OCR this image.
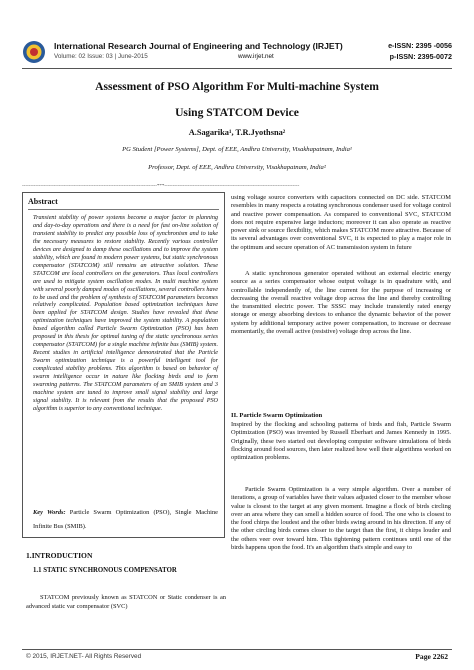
International Research Journal of Engineering and Technology (IRJET)
Volume: 02 Issue: 03 | June-2015	www.irjet.net
e-ISSN: 2395 -0056
p-ISSN: 2395-0072
Assessment of PSO Algorithm For Multi-machine System
Using STATCOM Device
A.Sagarika¹, T.R.Jyothsna²
PG Student [Power Systems], Dept. of EEE, Andhra University, Visakhapatnam, India¹
Professor, Dept. of EEE, Andhra University, Visakhapatnam, India²
---------------------------------------------------------------------------------***---------------------------------------------------------------------------------
Abstract
Transient stability of power systems become a major factor in planning and day-to-day operations and there is a need for fast on-line solution of transient stability to predict any possible loss of synchronism and to take the necessary measures to restore stability. Recently various controller devices are designed to damp these oscillations and to improve the system stability, which are found in modern power systems, but static synchronous compensator (STATCOM) still remains an attractive solution. These STATCOM are local controllers on the generators. Thus local controllers are used to mitigate system oscillation modes. In multi machine system with several poorly damped modes of oscillations, several controllers have to be used and the problem of synthesis of STATCOM parameters becomes relatively complicated. Population based optimization techniques have been applied for STATCOM design. Studies have revealed that these optimization techniques have improved the system stability. A population based algorithm called Particle Swarm Optimization (PSO) has been proposed in this thesis for optimal tuning of the static synchronous series compensator (STATCOM) for a single machine infinite bus (SMIB) system. Recent studies in artificial intelligence demonstrated that the Particle Swarm optimization technique is a powerful intelligent tool for complicated stability problems. This algorithm is based on behavior of swarm intelligence occur in nature like flocking birds and to form swarming patterns. The STATCOM parameters of an SMIB system and 3 machine system are tuned to improve small signal stability and large signal stability. It is relevant from the results that the proposed PSO algorithm is superior to any conventional technique.
Key Words: Particle Swarm Optimization (PSO), Single Machine Infinite Bus (SMIB).
1.INTRODUCTION
1.1 STATIC SYNCHRONOUS COMPENSATOR
STATCOM previously known as STATCON or Static condenser is an advanced static var compensator (SVC)
using voltage source converters with capacitors connected on DC side. STATCOM resembles in many respects a rotating synchronous condenser used for voltage control and reactive power compensation. As compared to conventional SVC, STATCOM does not require expensive large inductors; moreover it can also operate as reactive power sink or source flexibility, which makes STATCOM more attractive. Because of its several advantages over conventional SVC, it is expected to play a major role in the optimum and secure operation of AC transmission system in future
A static synchronous generator operated without an external electric energy source as a series compensator whose output voltage is in quadrature with, and controllable independently of, the line current for the purpose of increasing or decreasing the overall reactive voltage drop across the line and thereby controlling the transmitted electric power. The SSSC may include transiently rated energy storage or energy absorbing devices to enhance the dynamic behavior of the power system by additional temporary active power compensation, to increase or decrease momentarily, the overall active (resistive) voltage drop across the line.
II. Particle Swarm Optimization
Inspired by the flocking and schooling patterns of birds and fish, Particle Swarm Optimization (PSO) was invented by Russell Eberhart and James Kennedy in 1995. Originally, these two started out developing computer software simulations of birds flocking around food sources, then later realized how well their algorithms worked on optimization problems.
Particle Swarm Optimization is a very simple algorithm. Over a number of iterations, a group of variables have their values adjusted closer to the member whose value is closest to the target at any given moment. Imagine a flock of birds circling over an area where they can smell a hidden source of food. The one who is closest to the food chirps the loudest and the other birds swing around in his direction. If any of the other circling birds comes closer to the target than the first, it chirps louder and the others veer over toward him. This tightening pattern continues until one of the birds happens upon the food. It's an algorithm that's simple and easy to
© 2015, IRJET.NET- All Rights Reserved	Page 2262
